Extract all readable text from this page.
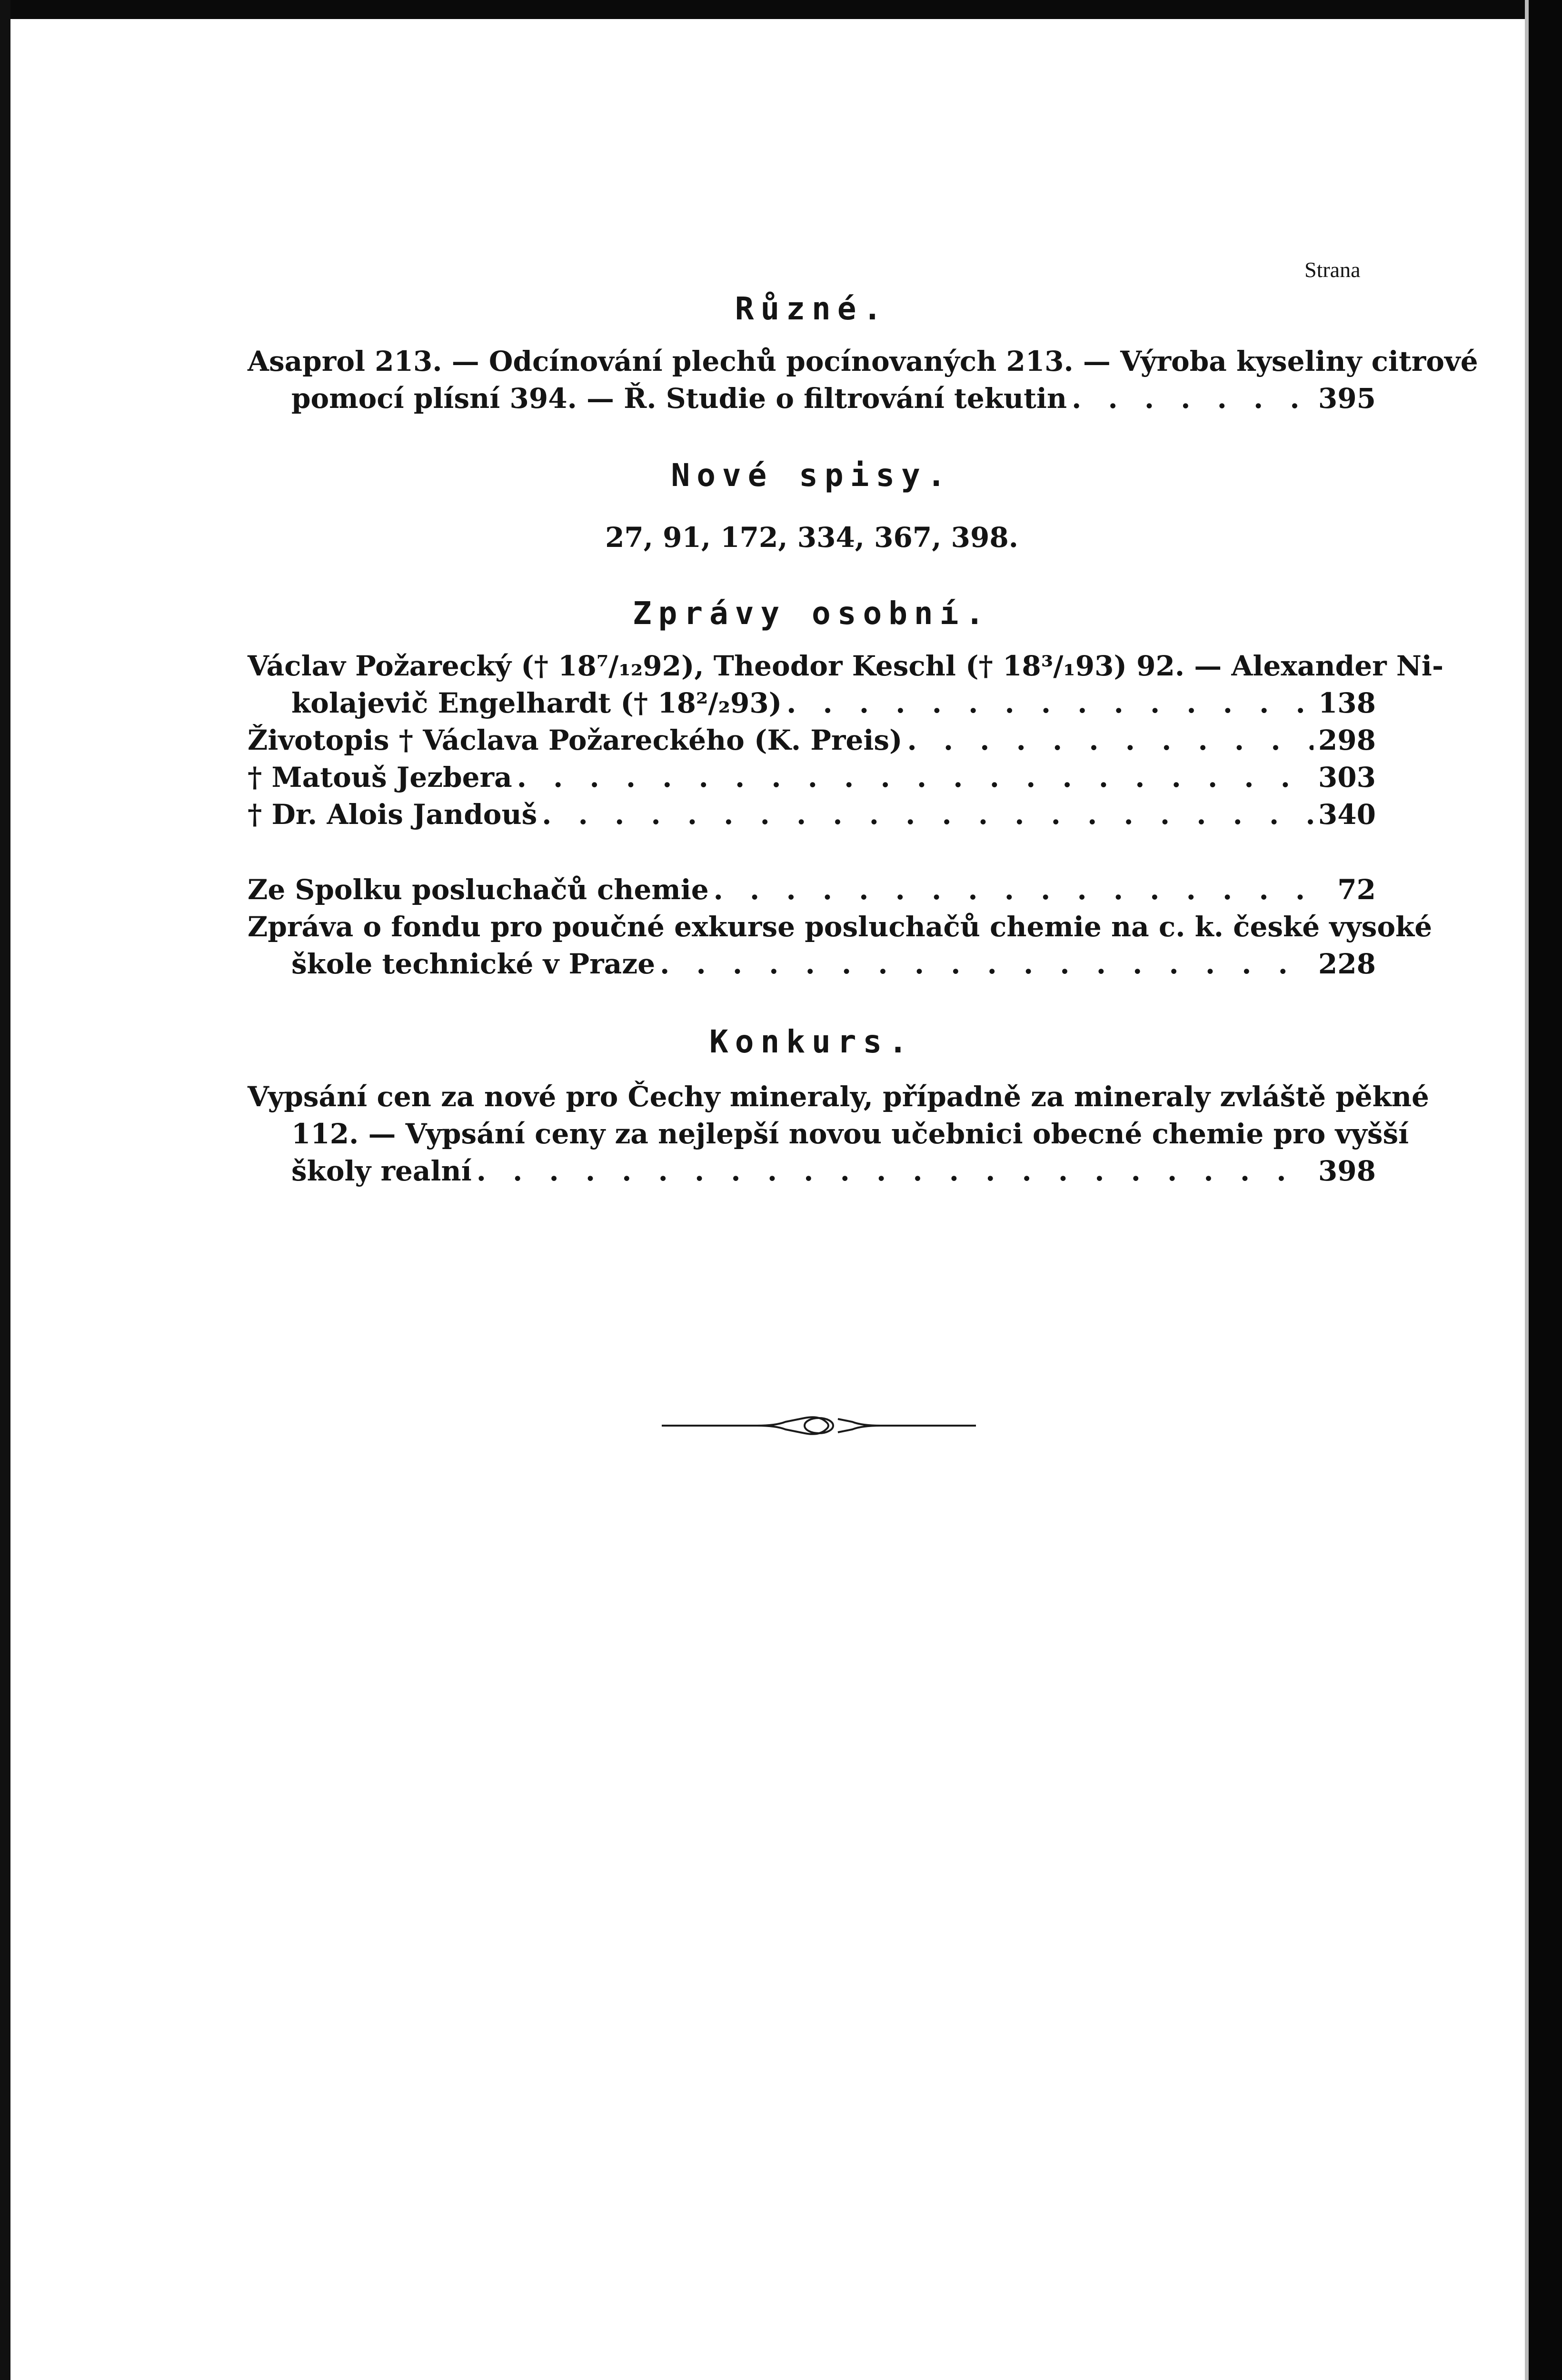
Strana
Různé.
Asaprol 213. — Odcínování plechů pocínovaných 213. — Výroba kyseliny citrové
pomocí plísní 394. — Ř. Studie o filtrování tekutin . . .	395
Nové spisy.
27, 91, 172, 334, 367, 398.
Zprávy osobní.
Václav Požarecký († 18⁷/₁₂92), Theodor Keschl († 18³/₁93) 92. — Alexander Ni-
kolajevič Engelhardt († 18²/₂93) . . .	138
Životopis † Václava Požareckého (K. Preis) . . .	298
† Matouš Jezbera . . .	303
† Dr. Alois Jandouš . . .	340
Ze Spolku posluchačů chemie . . .	72
Zpráva o fondu pro poučné exkurse posluchačů chemie na c. k. české vysoké
škole technické v Praze . . .	228
Konkurs.
Vypsání cen za nové pro Čechy mineraly, případně za mineraly zvláště pěkné
112. — Vypsání ceny za nejlepší novou učebnici obecné chemie pro vyšší
školy realní . . .	398
